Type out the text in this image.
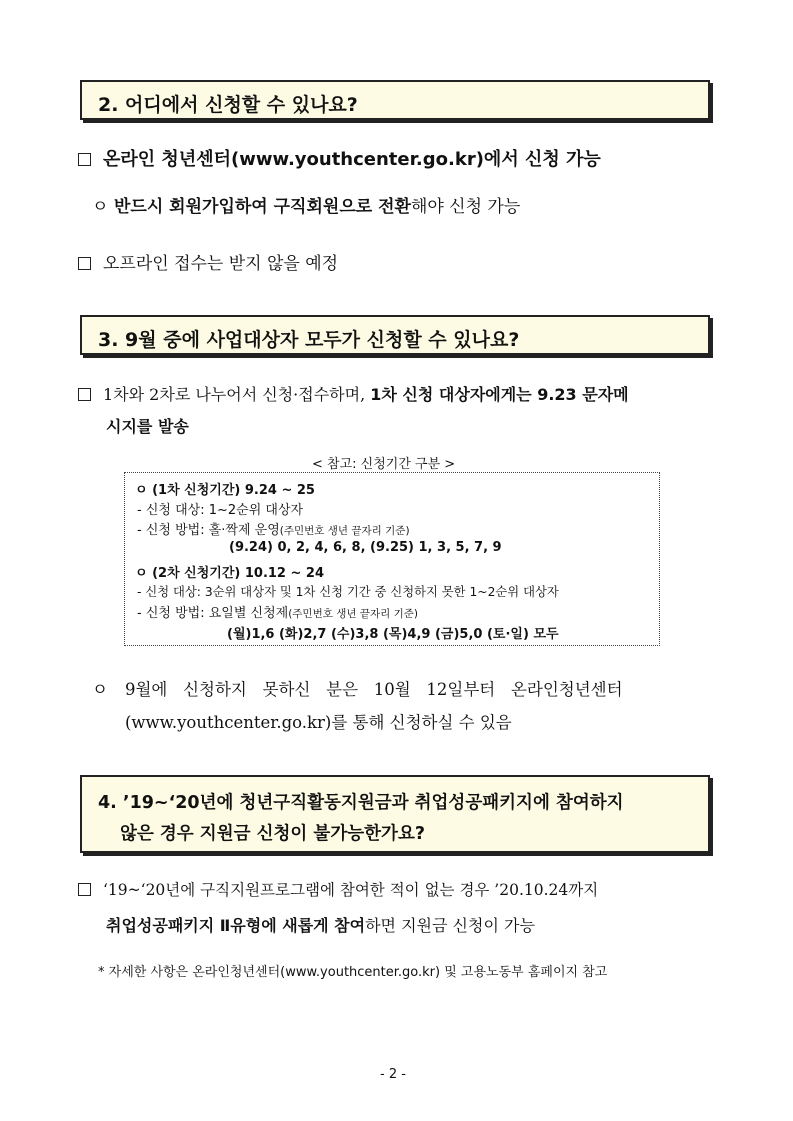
2. 어디에서 신청할 수 있나요?
온라인 청년센터(www.youthcenter.go.kr)에서 신청 가능
ㅇ 반드시 회원가입하여 구직회원으로 전환해야 신청 가능
오프라인 접수는 받지 않을 예정
3. 9월 중에 사업대상자 모두가 신청할 수 있나요?
1차와 2차로 나누어서 신청·접수하며, 1차 신청 대상자에게는 9.23 문자메
시지를 발송
< 참고: 신청기간 구분 >
ㅇ (1차 신청기간) 9.24 ~ 25
- 신청 대상: 1~2순위 대상자
- 신청 방법: 홀·짝제 운영(주민번호 생년 끝자리 기준)
(9.24) 0, 2, 4, 6, 8, (9.25) 1, 3, 5, 7, 9
ㅇ (2차 신청기간) 10.12 ~ 24
- 신청 대상: 3순위 대상자 및 1차 신청 기간 중 신청하지 못한 1~2순위 대상자
- 신청 방법: 요일별 신청제(주민번호 생년 끝자리 기준)
(월)1,6 (화)2,7 (수)3,8 (목)4,9 (금)5,0 (토·일) 모두
ㅇ 9월에   신청하지   못하신   분은   10월   12일부터   온라인청년센터
(www.youthcenter.go.kr)를 통해 신청하실 수 있음
4. ’19~‘20년에 청년구직활동지원금과 취업성공패키지에 참여하지
않은 경우 지원금 신청이 불가능한가요?
‘19~‘20년에 구직지원프로그램에 참여한 적이 없는 경우 ’20.10.24까지
취업성공패키지 Ⅱ유형에 새롭게 참여하면 지원금 신청이 가능
* 자세한 사항은 온라인청년센터(www.youthcenter.go.kr) 및 고용노동부 홈페이지 참고
- 2 -
